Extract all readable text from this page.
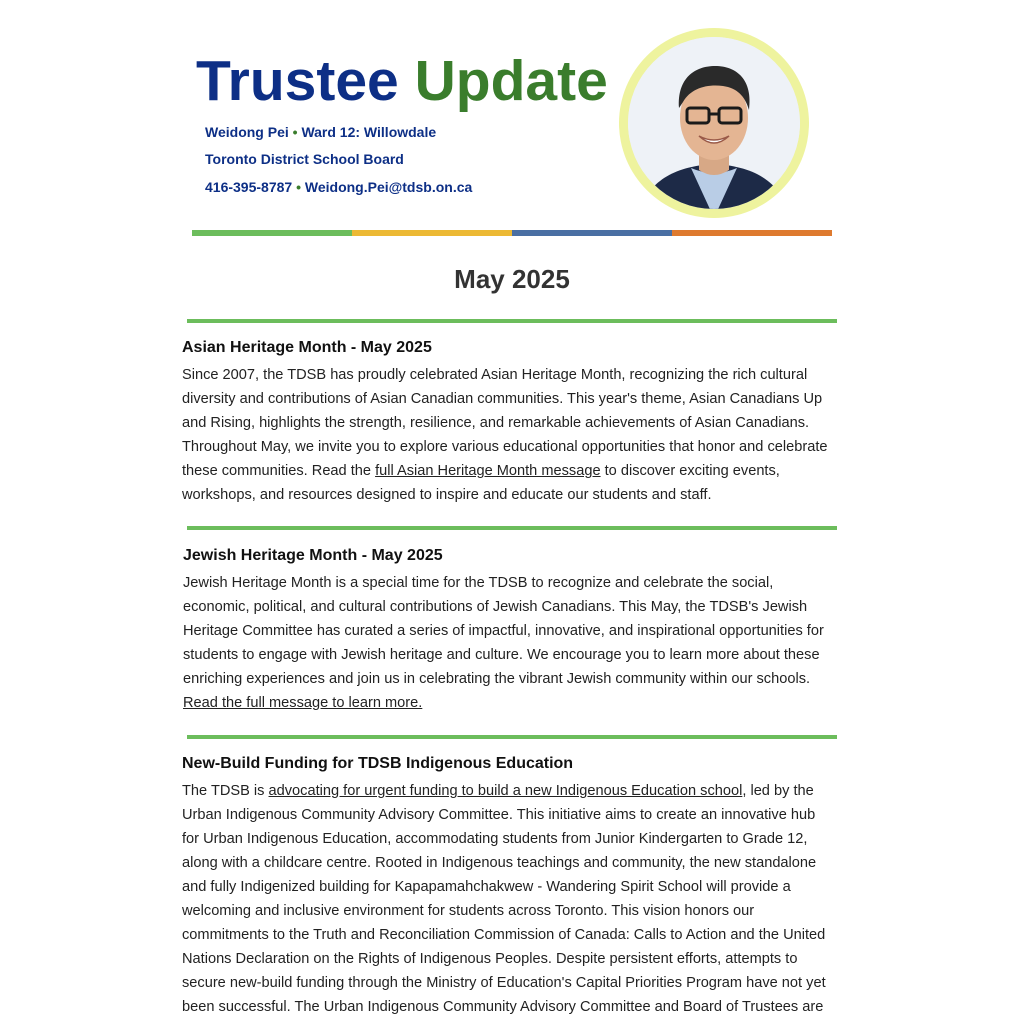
Trustee Update
Weidong Pei • Ward 12: Willowdale
Toronto District School Board
416-395-8787 • Weidong.Pei@tdsb.on.ca
May 2025
Asian Heritage Month - May 2025

Since 2007, the TDSB has proudly celebrated Asian Heritage Month, recognizing the rich cultural diversity and contributions of Asian Canadian communities. This year's theme, Asian Canadians Up and Rising, highlights the strength, resilience, and remarkable achievements of Asian Canadians. Throughout May, we invite you to explore various educational opportunities that honor and celebrate these communities. Read the full Asian Heritage Month message to discover exciting events, workshops, and resources designed to inspire and educate our students and staff.

Jewish Heritage Month - May 2025

Jewish Heritage Month is a special time for the TDSB to recognize and celebrate the social, economic, political, and cultural contributions of Jewish Canadians. This May, the TDSB's Jewish Heritage Committee has curated a series of impactful, innovative, and inspirational opportunities for students to engage with Jewish heritage and culture. We encourage you to learn more about these enriching experiences and join us in celebrating the vibrant Jewish community within our schools. Read the full message to learn more.

New-Build Funding for TDSB Indigenous Education

The TDSB is advocating for urgent funding to build a new Indigenous Education school, led by the Urban Indigenous Community Advisory Committee. This initiative aims to create an innovative hub for Urban Indigenous Education, accommodating students from Junior Kindergarten to Grade 12, along with a childcare centre. Rooted in Indigenous teachings and community, the new standalone and fully Indigenized building for Kapapamahchakwew - Wandering Spirit School will provide a welcoming and inclusive environment for students across Toronto. This vision honors our commitments to the Truth and Reconciliation Commission of Canada: Calls to Action and the United Nations Declaration on the Rights of Indigenous Peoples. Despite persistent efforts, attempts to secure new-build funding through the Ministry of Education's Capital Priorities Program have not yet been successful. The Urban Indigenous Community Advisory Committee and Board of Trustees are
